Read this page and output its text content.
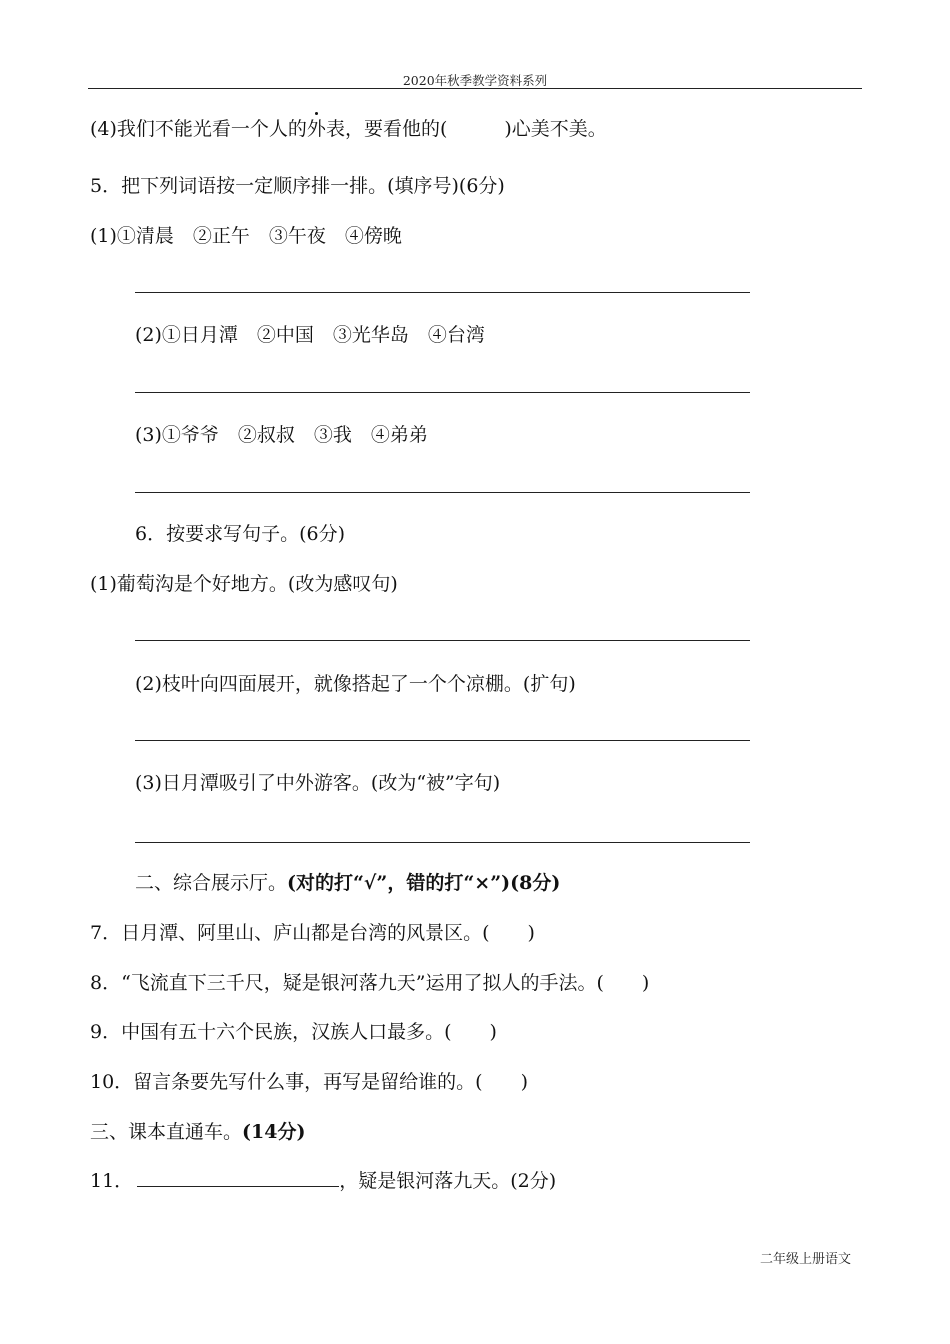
2020年秋季教学资料系列
(4)我们不能光看一个人的外表，要看他的(　　　)心美不美。
5．把下列词语按一定顺序排一排。(填序号)(6分)
(1)①清晨　②正午　③午夜　④傍晚
(2)①日月潭　②中国　③光华岛　④台湾
(3)①爷爷　②叔叔　③我　④弟弟
6．按要求写句子。(6分)
(1)葡萄沟是个好地方。(改为感叹句)
(2)枝叶向四面展开，就像搭起了一个个凉棚。(扩句)
(3)日月潭吸引了中外游客。(改为“被”字句)
二、综合展示厅。(对的打“√”，错的打“×”)(8分)
7．日月潭、阿里山、庐山都是台湾的风景区。(　　)
8．“飞流直下三千尺，疑是银河落九天”运用了拟人的手法。(　　)
9．中国有五十六个民族，汉族人口最多。(　　)
10．留言条要先写什么事，再写是留给谁的。(　　)
三、课本直通车。(14分)
11．	，疑是银河落九天。(2分)
二年级上册语文
